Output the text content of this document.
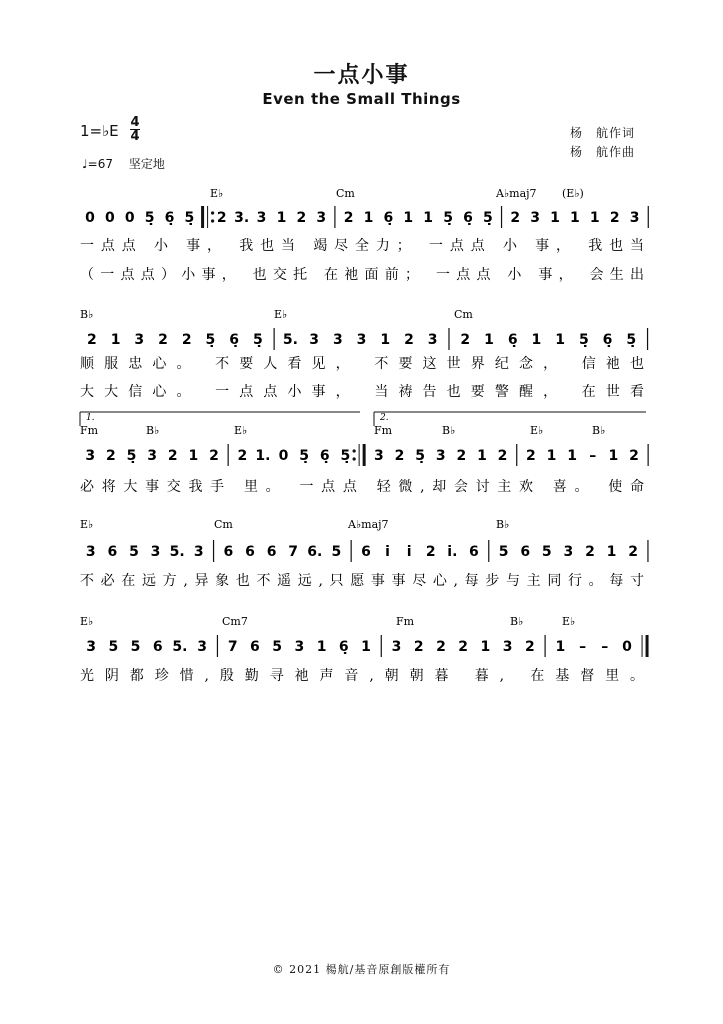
一点小事
Even the Small Things
1=♭E 4
4
♩=67 坚定地
杨　航作词
杨　航作曲
0 0 0 5̣ 6̣ 5̣ 2 3. 3 1 2 3 2 1 6̣ 1 1 5̣ 6̣ 5̣ 2 3 1 1 1 2 3
E♭	Cm	A♭maj7 (E♭)
一点点 小 事， 我也当 竭尽全力； 一点点 小 事， 我也当
（一点点）小事， 也交托 在祂面前； 一点点 小 事， 会生出
2 1 3 2 2 5̣ 6̣ 5̣ 5. 3 3 3 1 2 3 2 1 6̣ 1 1 5̣ 6̣ 5̣
B♭	E♭	Cm
顺服忠心。 不要人看见， 不要这世界纪念， 信祂也
大大信心。 一点点小事， 当祷告也要警醒， 在世看
3 2 5̣ 3 2 1 2 2 1. 0 5̣ 6̣ 5̣ 3 2 5̣ 3 2 1 2 2 1 1 – 1 2
Fm	B♭	E♭	Fm	B♭	E♭	B♭
1.	2.
必将大事交我手 里。 一点点 轻微,却会讨主欢 喜。 使命
3 6 5 3 5. 3 6 6 6 7 6. 5 6 i i 2 i. 6 5 6 5 3 2 1 2
E♭	Cm	A♭maj7	B♭
不必在远方,异象也不遥远,只愿事事尽心,每步与主同行。每寸
3 5 5 6 5. 3 7 6 5 3 1 6̣ 1 3 2 2 2 1 3 2 1 – – 0
E♭	Cm7	Fm	B♭	E♭
光阴都珍惜,殷勤寻祂声音,朝朝暮 暮, 在基督里。
© 2021 楊航/基音原創版權所有
